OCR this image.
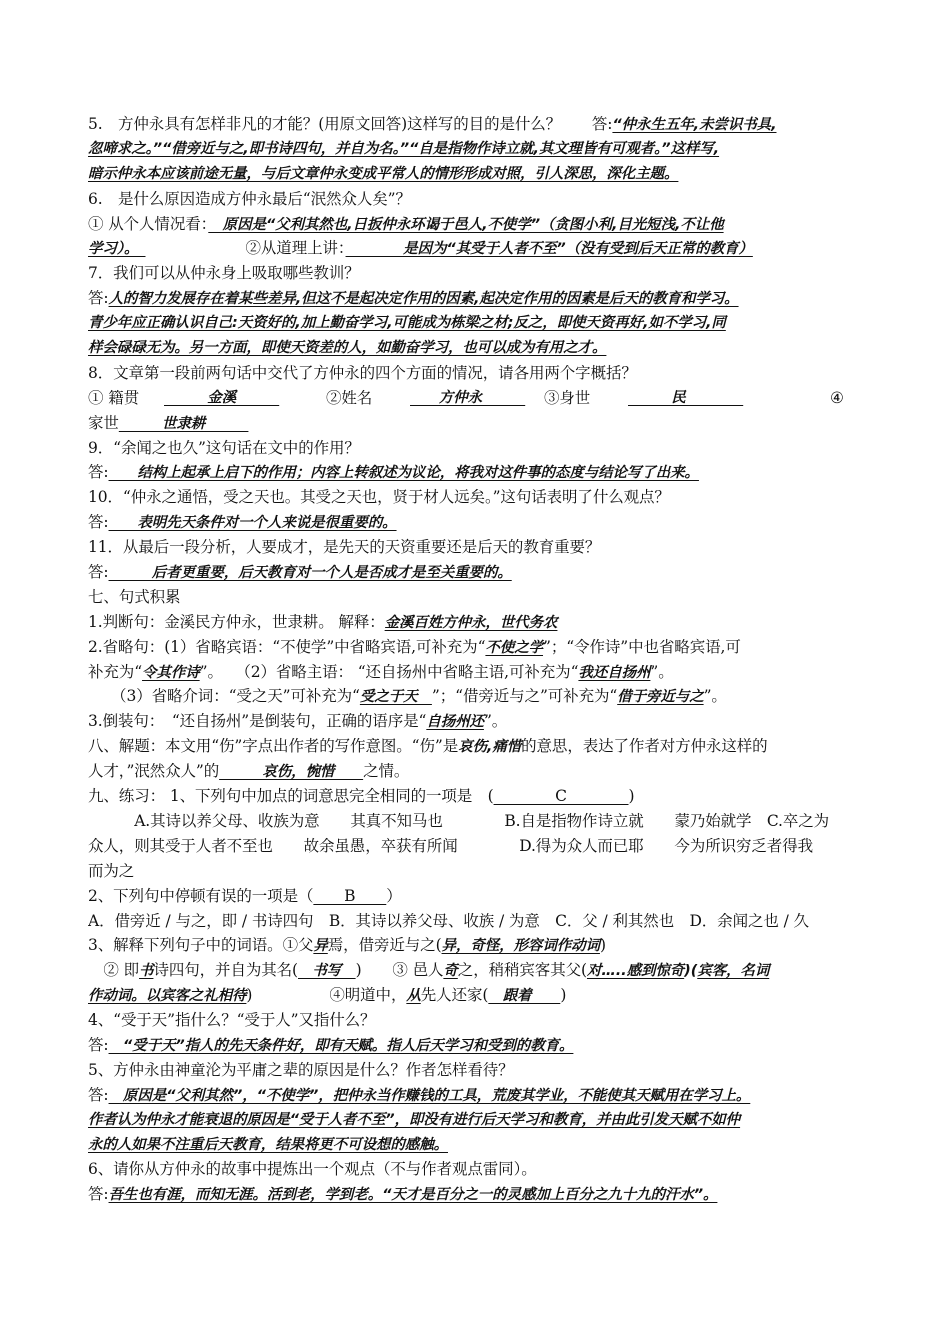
5.　方仲永具有怎样非凡的才能？(用原文回答)这样写的目的是什么？　　答:“仲永生五年,未尝识书具,
忽啼求之。”“借旁近与之,即书诗四句，并自为名。”“自是指物作诗立就,其文理皆有可观者。”这样写,
暗示仲永本应该前途无量，与后文章仲永变成平常人的情形形成对照，引人深思，深化主题。
6.　是什么原因造成方仲永最后“泯然众人矣”？
① 从个人情况看：　原因是“父利其然也,日扳仲永环谒于邑人,不使学”（贪图小利,目光短浅,不让他
学习）。　	②从道理上讲：　　　　是因为“其受于人者不至”（没有受到后天正常的教育）
7．我们可以从仲永身上吸取哪些教训？
答:人的智力发展存在着某些差异,但这不是起决定作用的因素,起决定作用的因素是后天的教育和学习。
青少年应正确认识自己:天资好的,加上勤奋学习,可能成为栋梁之材;反之，即使天资再好,如不学习,同
样会碌碌无为。另一方面，即使天资差的人，如勤奋学习，也可以成为有用之才。
8．文章第一段前两句话中交代了方仲永的四个方面的情况，请各用两个字概括？
① 籍贯 　　　金溪　　　	②姓名	　　方仲永　　　 ③身世	　　　民　　　　	④
家世　　　世隶耕　　　
9．“余闻之也久”这句话在文中的作用？
答:　　结构上起承上启下的作用；内容上转叙述为议论，将我对这件事的态度与结论写了出来。
10．“仲永之通悟，受之天也。其受之天也，贤于材人远矣。”这句话表明了什么观点？
答:　　表明先天条件对一个人来说是很重要的。
11．从最后一段分析，人要成才，是先天的天资重要还是后天的教育重要？
答:　　　后者更重要，后天教育对一个人是否成才是至关重要的。
七、句式积累
1.判断句：金溪民方仲永，世隶耕。 解释：金溪百姓方仲永，世代务农
2.省略句：(1）省略宾语：“不使学”中省略宾语,可补充为“不使之学”；“令作诗”中也省略宾语,可
补充为“令其作诗”。 　（2）省略主语： “还自扬州中省略主语,可补充为“我还自扬州”。
　　（3）省略介词：“受之天”可补充为“受之于天　”；“借旁近与之”可补充为“借于旁近与之”。
3.倒装句：　“还自扬州”是倒装句，正确的语序是“自扬州还”。
八、解题：本文用“伤”字点出作者的写作意图。“伤”是哀伤,痛惜的意思，表达了作者对方仲永这样的
人才，”泯然众人”的　　　哀伤，惋惜　　之情。
九、练习： 1、下列句中加点的词意思完全相同的一项是　(　　　　C　　　　)
　　　A.其诗以养父母、收族为意　　其真不知马也　　　　B.自是指物作诗立就　　蒙乃始就学　C.卒之为
众人，则其受于人者不至也　　故余虽愚，卒获有所闻　　　　D.得为众人而已耶　　今为所识穷乏者得我
而为之
2、下列句中停顿有误的一项是（　　B　　）
A．借旁近 / 与之，即 / 书诗四句　B．其诗以养父母、收族 / 为意　C．父 / 利其然也　D．余闻之也 / 久
3、解释下列句子中的词语。①父异焉，借旁近与之(异，奇怪，形容词作动词)
　② 即书诗四句，并自为其名(　书写　)　　③ 邑人奇之，稍稍宾客其父(对…..感到惊奇)(宾客，名词
作动词。以宾客之礼相待)　　　　　④明道中，从先人还家(　跟着　　)
4、“受于天”指什么？“受于人”又指什么？
答:　“受于天”指人的先天条件好，即有天赋。指人后天学习和受到的教育。
5、方仲永由神童沦为平庸之辈的原因是什么？作者怎样看待？
答:　原因是“父利其然”，“不使学”，把仲永当作赚钱的工具，荒废其学业，不能使其天赋用在学习上。
作者认为仲永才能衰退的原因是“受于人者不至”，即没有进行后天学习和教育，并由此引发天赋不如仲
永的人如果不注重后天教育，结果将更不可设想的感触。
6、请你从方仲永的故事中提炼出一个观点（不与作者观点雷同）。
答:吾生也有涯，而知无涯。活到老，学到老。“天才是百分之一的灵感加上百分之九十九的汗水”。
